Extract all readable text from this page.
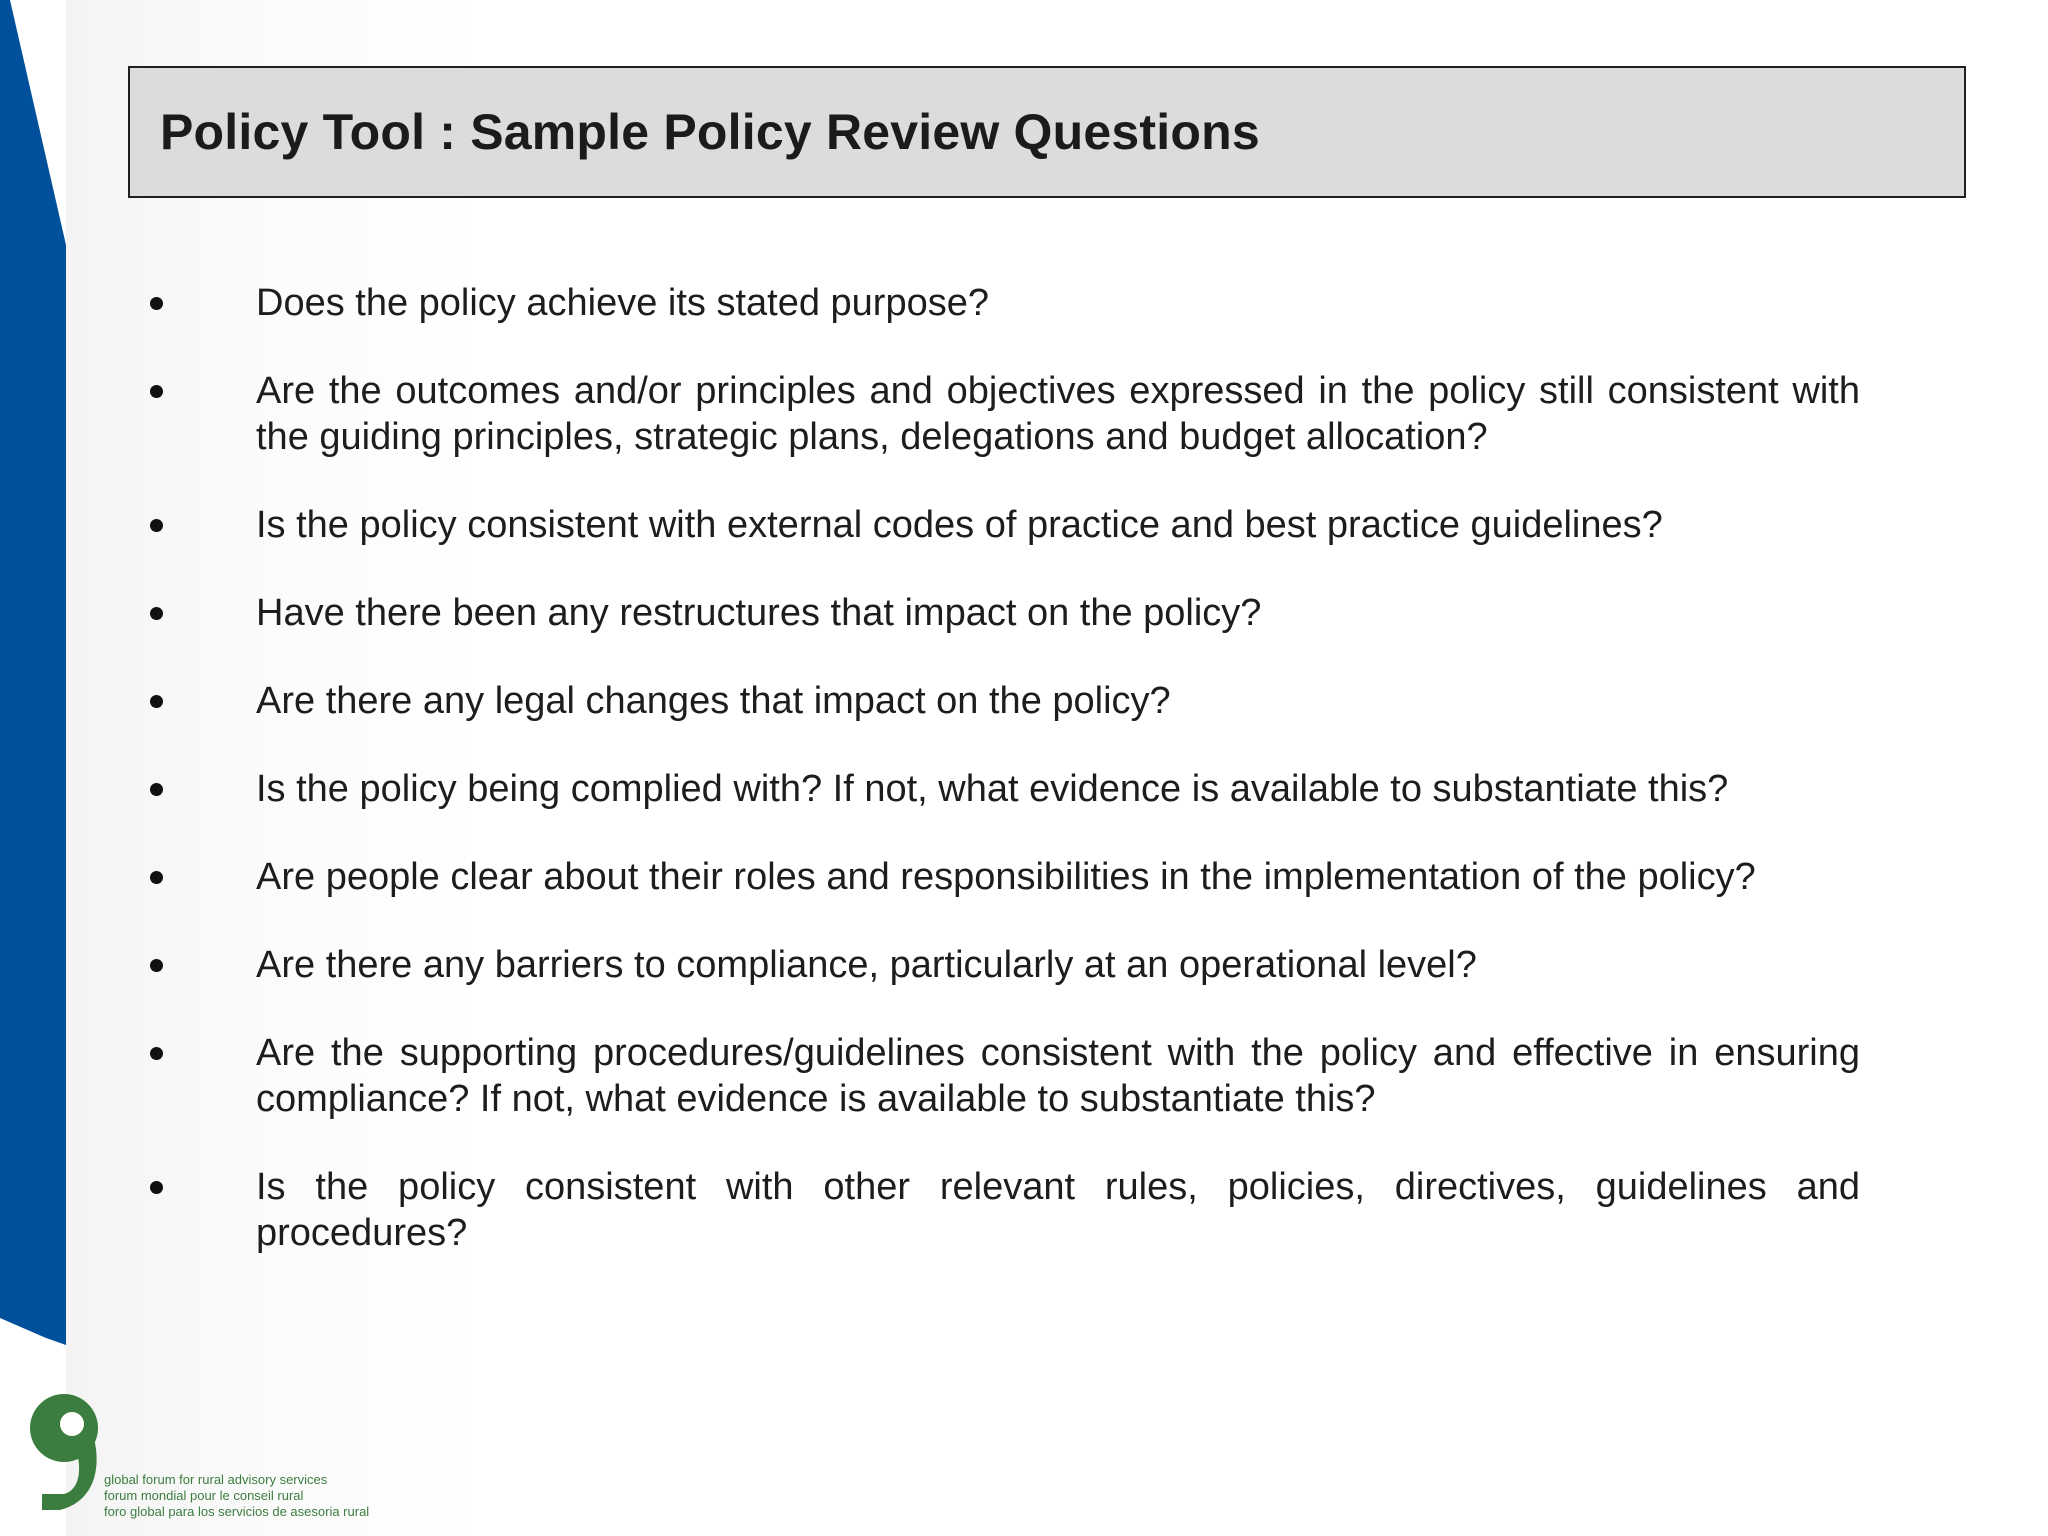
Policy Tool : Sample Policy Review Questions
Does the policy achieve its stated purpose?
Are the outcomes and/or principles and objectives expressed in the policy still consistent with the guiding principles, strategic plans, delegations and budget allocation?
Is the policy consistent with external codes of practice and best practice guidelines?
Have there been any restructures that impact on the policy?
Are there any legal changes that impact on the policy?
Is the policy being complied with? If not, what evidence is available to substantiate this?
Are people clear about their roles and responsibilities in the implementation of the policy?
Are there any barriers to compliance, particularly at an operational level?
Are the supporting procedures/guidelines consistent with the policy and effective in ensuring compliance? If not, what evidence is available to substantiate this?
Is the policy consistent with other relevant rules, policies, directives, guidelines and procedures?
global forum for rural advisory services
forum mondial pour le conseil rural
foro global para los servicios de asesoria rural
